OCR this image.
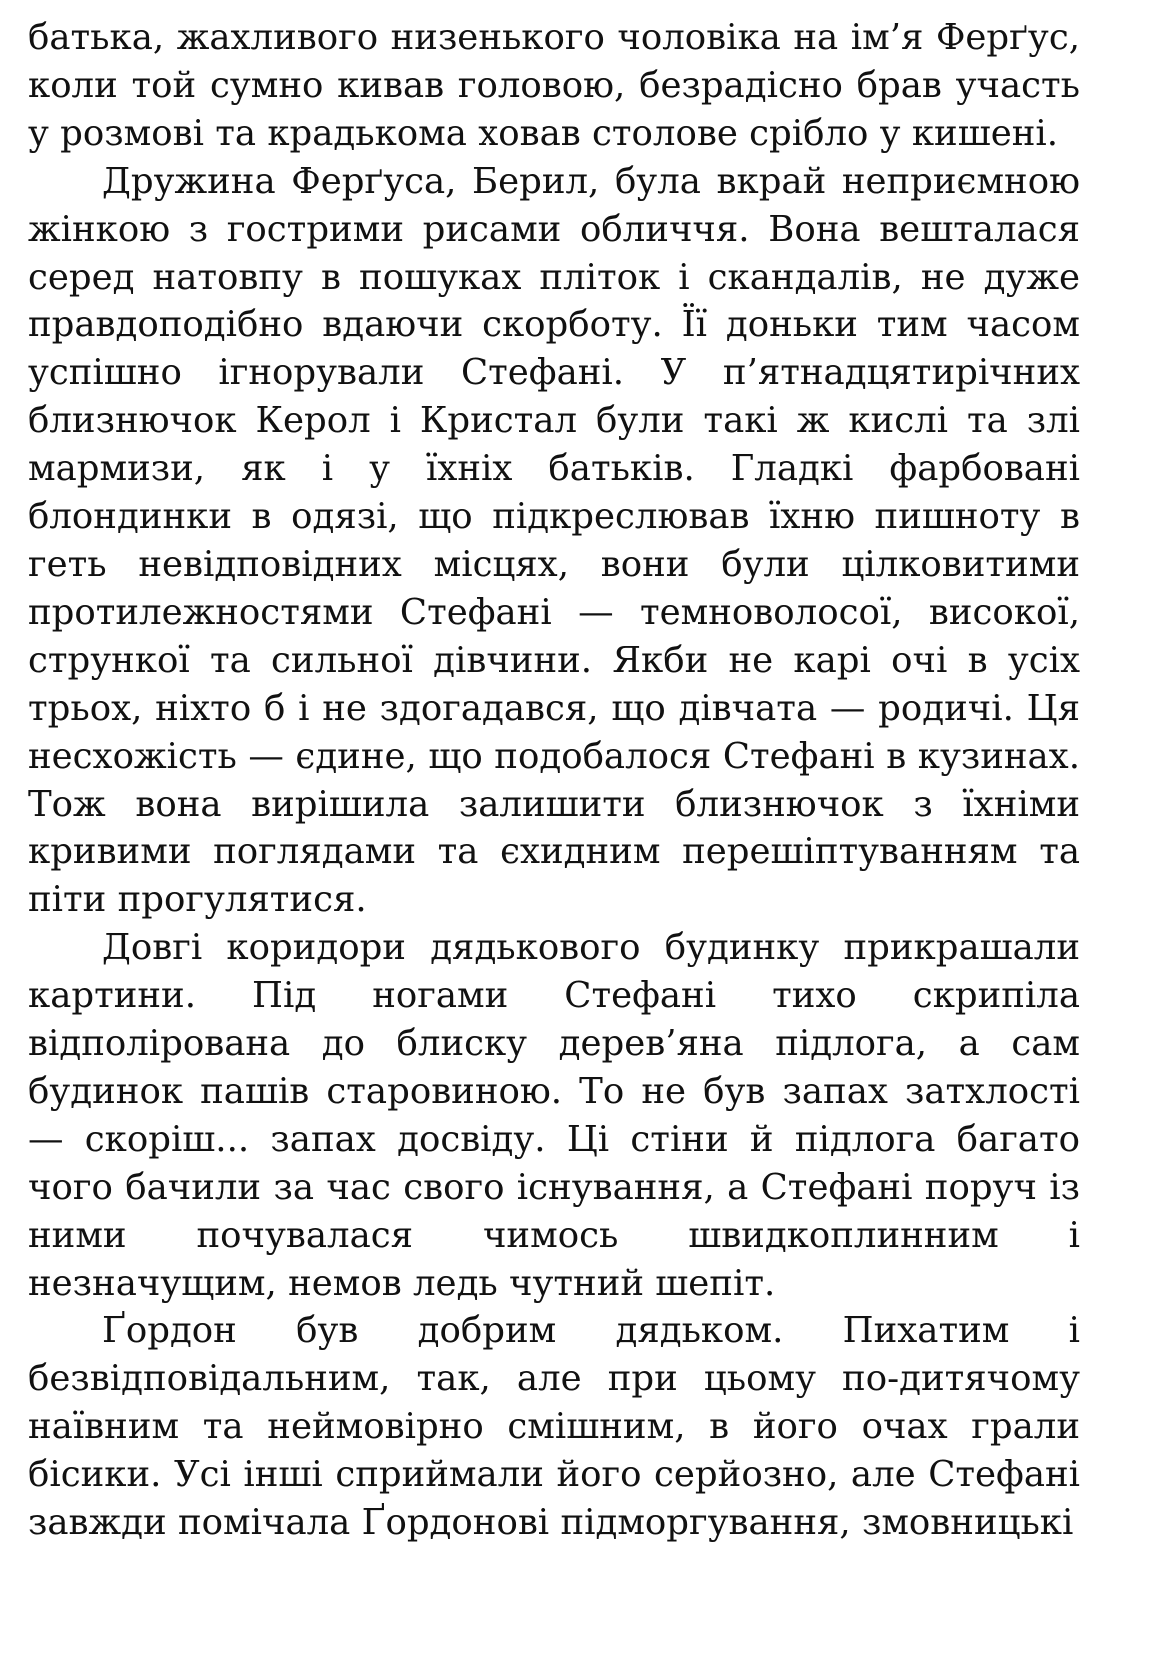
батька, жахливого низенького чоловіка на ім’я Ферґус, коли той сумно кивав головою, безрадісно брав участь у розмові та крадькома ховав столове срібло у кишені.

Дружина Ферґуса, Берил, була вкрай неприємною жінкою з гострими рисами обличчя. Вона вешталася серед натовпу в пошуках пліток і скандалів, не дуже правдоподібно вдаючи скорботу. Її доньки тим часом успішно ігнорували Стефані. У п’ятнадцятирічних близнючок Керол і Кристал були такі ж кислі та злі мармизи, як і у їхніх батьків. Гладкі фарбовані блондинки в одязі, що підкреслював їхню пишноту в геть невідповідних місцях, вони були цілковитими протилежностями Стефані — темноволосої, високої, стрункої та сильної дівчини. Якби не карі очі в усіх трьох, ніхто б і не здогадався, що дівчата — родичі. Ця несхожість — єдине, що подобалося Стефані в кузинах. Тож вона вирішила залишити близнючок з їхніми кривими поглядами та єхидним перешіптуванням та піти прогулятися.

Довгі коридори дядькового будинку прикрашали картини. Під ногами Стефані тихо скрипіла відполірована до блиску дерев’яна підлога, а сам будинок пашів старовиною. То не був запах затхлості — скоріш... запах досвіду. Ці стіни й підлога багато чого бачили за час свого існування, а Стефані поруч із ними почувалася чимось швидкоплинним і незначущим, немов ледь чутний шепіт.

Ґордон був добрим дядьком. Пихатим і безвідповідальним, так, але при цьому по-дитячому наївним та неймовірно смішним, в його очах грали бісики. Усі інші сприймали його серйозно, але Стефані завжди помічала Ґордонові підморгування, змовницькі
